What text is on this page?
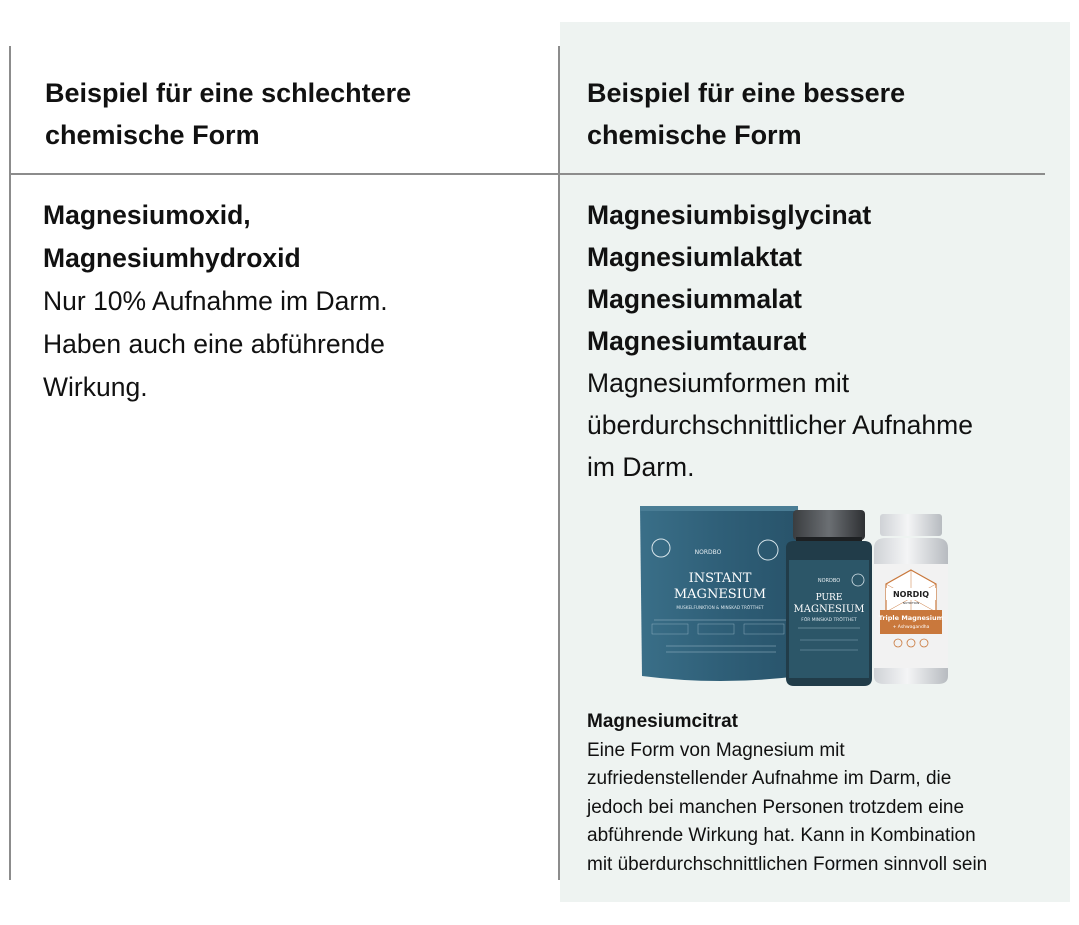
Beispiel für eine schlechtere
chemische Form
Beispiel für eine bessere
chemische Form
Magnesiumoxid,
Magnesiumhydroxid
Nur 10% Aufnahme im Darm.
Haben auch eine abführende
Wirkung.
Magnesiumbisglycinat
Magnesiumlaktat
Magnesiummalat
Magnesiumtaurat
Magnesiumformen mit
überdurchschnittlicher Aufnahme
im Darm.
NORDBO
INSTANT
MAGNESIUM
MUSKELFUNKTION & MINSKAD TRÖTTHET
NORDBO
PURE
MAGNESIUM
FÖR MINSKAD TRÖTTHET
NORDIQ
NUTRITION
Triple Magnesium
+ Ashwagandha
Magnesiumcitrat
Eine Form von Magnesium mit
zufriedenstellender Aufnahme im Darm, die
jedoch bei manchen Personen trotzdem eine
abführende Wirkung hat. Kann in Kombination
mit überdurchschnittlichen Formen sinnvoll sein
